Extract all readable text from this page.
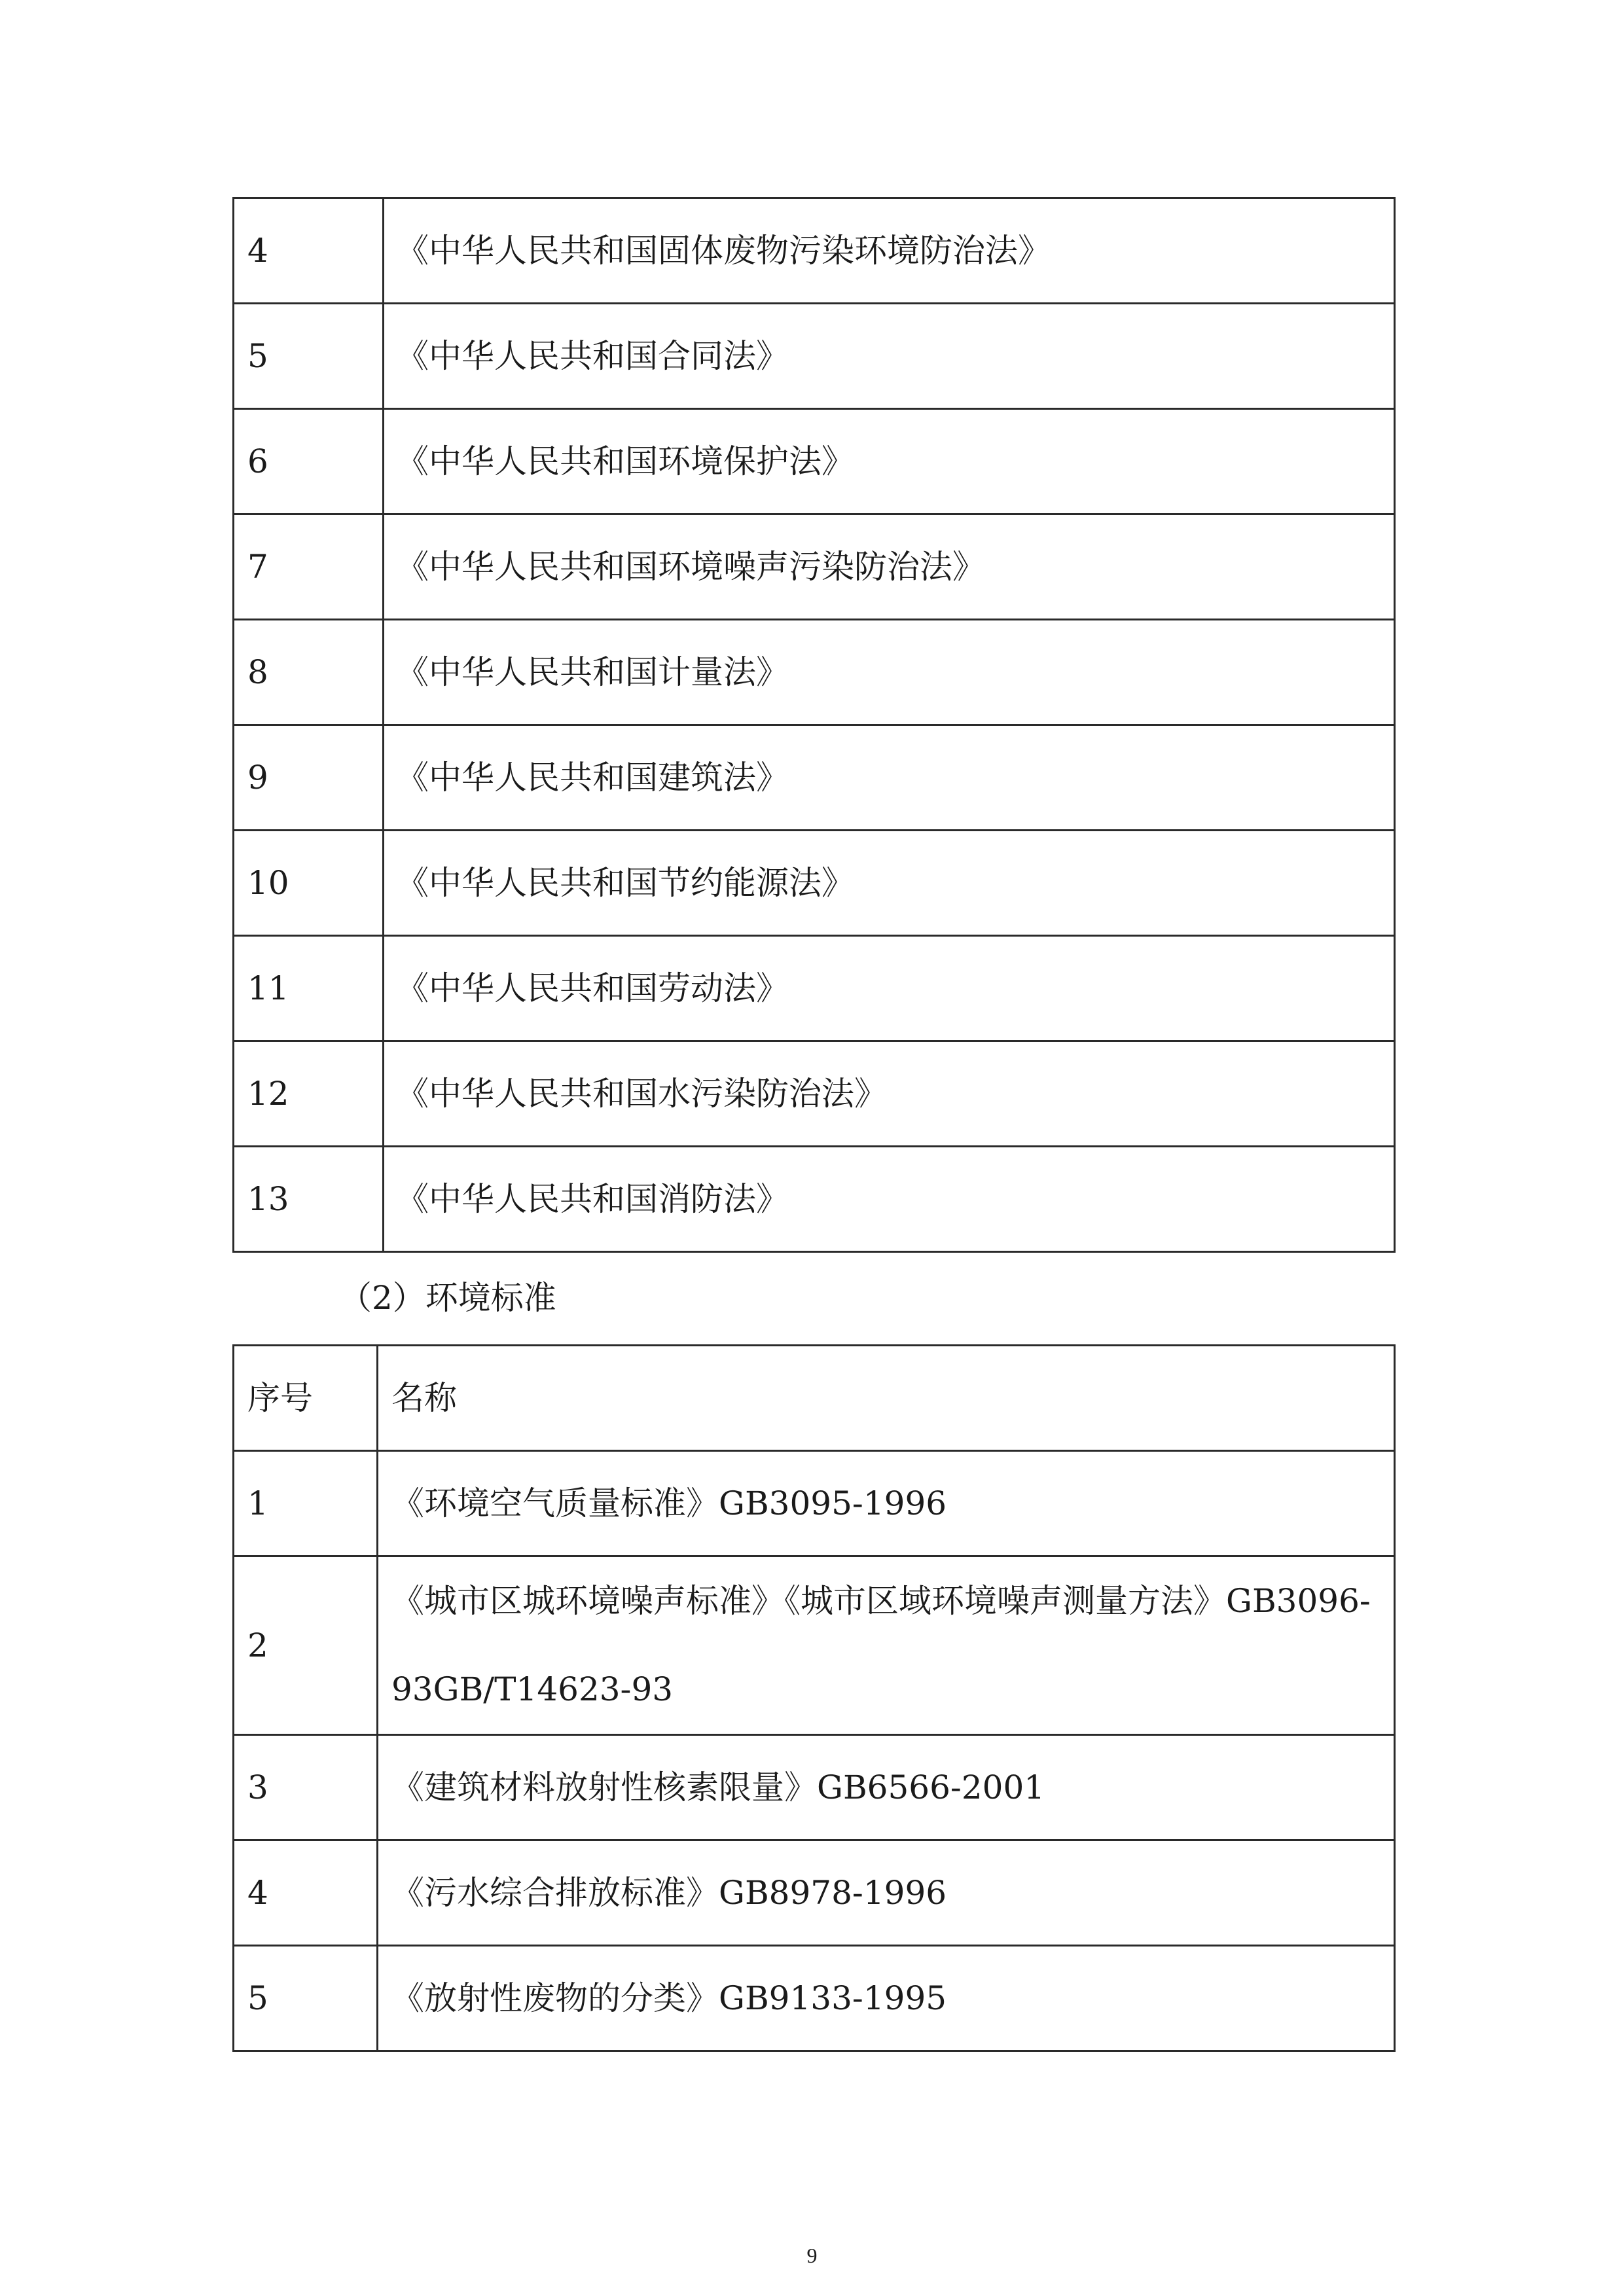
4	《中华人民共和国固体废物污染环境防治法》
5	《中华人民共和国合同法》
6	《中华人民共和国环境保护法》
7	《中华人民共和国环境噪声污染防治法》
8	《中华人民共和国计量法》
9	《中华人民共和国建筑法》
10	《中华人民共和国节约能源法》
11	《中华人民共和国劳动法》
12	《中华人民共和国水污染防治法》
13	《中华人民共和国消防法》
（2）环境标准
序号	名称
1	《环境空气质量标准》GB3095-1996
2	《城市区城环境噪声标准》《城市区域环境噪声测量方法》GB3096-93GB/T14623-93
3	《建筑材料放射性核素限量》GB6566-2001
4	《污水综合排放标准》GB8978-1996
5	《放射性废物的分类》GB9133-1995
9
